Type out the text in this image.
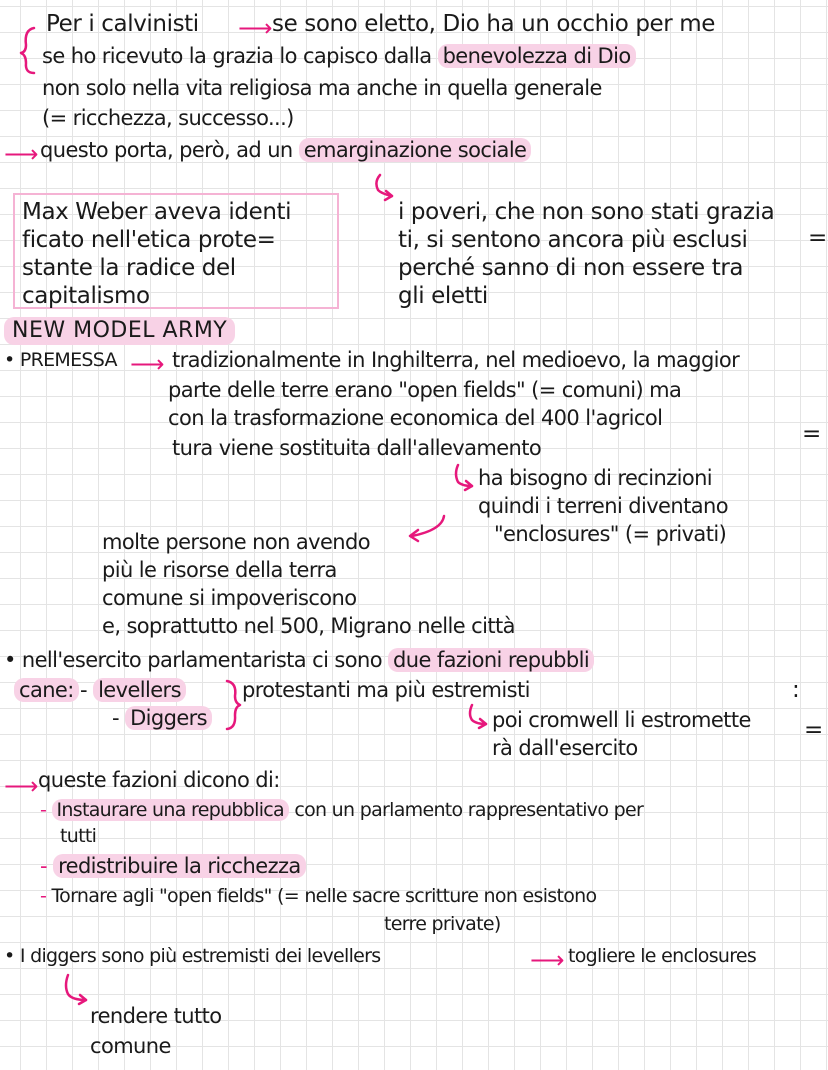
Per i calvinisti ⟶ se sono eletto, Dio ha un occhio per me
se ho ricevuto la grazia lo capisco dalla benevolezza di Dio
non solo nella vita religiosa ma anche in quella generale
(= ricchezza, successo...)
⟶ questo porta, però, ad un emarginazione sociale
Max Weber aveva identi
ficato nell'etica prote=
stante la radice del
capitalismo
i poveri, che non sono stati grazia
ti, si sentono ancora più esclusi
perché sanno di non essere tra
gli eletti
=
NEW MODEL ARMY
• PREMESSA ⟶ tradizionalmente in Inghilterra, nel medioevo, la maggior
parte delle terre erano "open fields" (= comuni) ma
con la trasformazione economica del 400 l'agricol
tura viene sostituita dall'allevamento
=
ha bisogno di recinzioni
quindi i terreni diventano
"enclosures" (= privati)
molte persone non avendo
più le risorse della terra
comune si impoveriscono
e, soprattutto nel 500, Migrano nelle città
• nell'esercito parlamentarista ci sono due fazioni repubbli
cane: - levellers
- Diggers
protestanti ma più estremisti	:
poi cromwell li estromette
rà dall'esercito
=
⟶ queste fazioni dicono di:
- Instaurare una repubblica con un parlamento rappresentativo per
tutti
- redistribuire la ricchezza
- Tornare agli "open fields" (= nelle sacre scritture non esistono
terre private)
• I diggers sono più estremisti dei levellers	⟶ togliere le enclosures
rendere tutto
comune
